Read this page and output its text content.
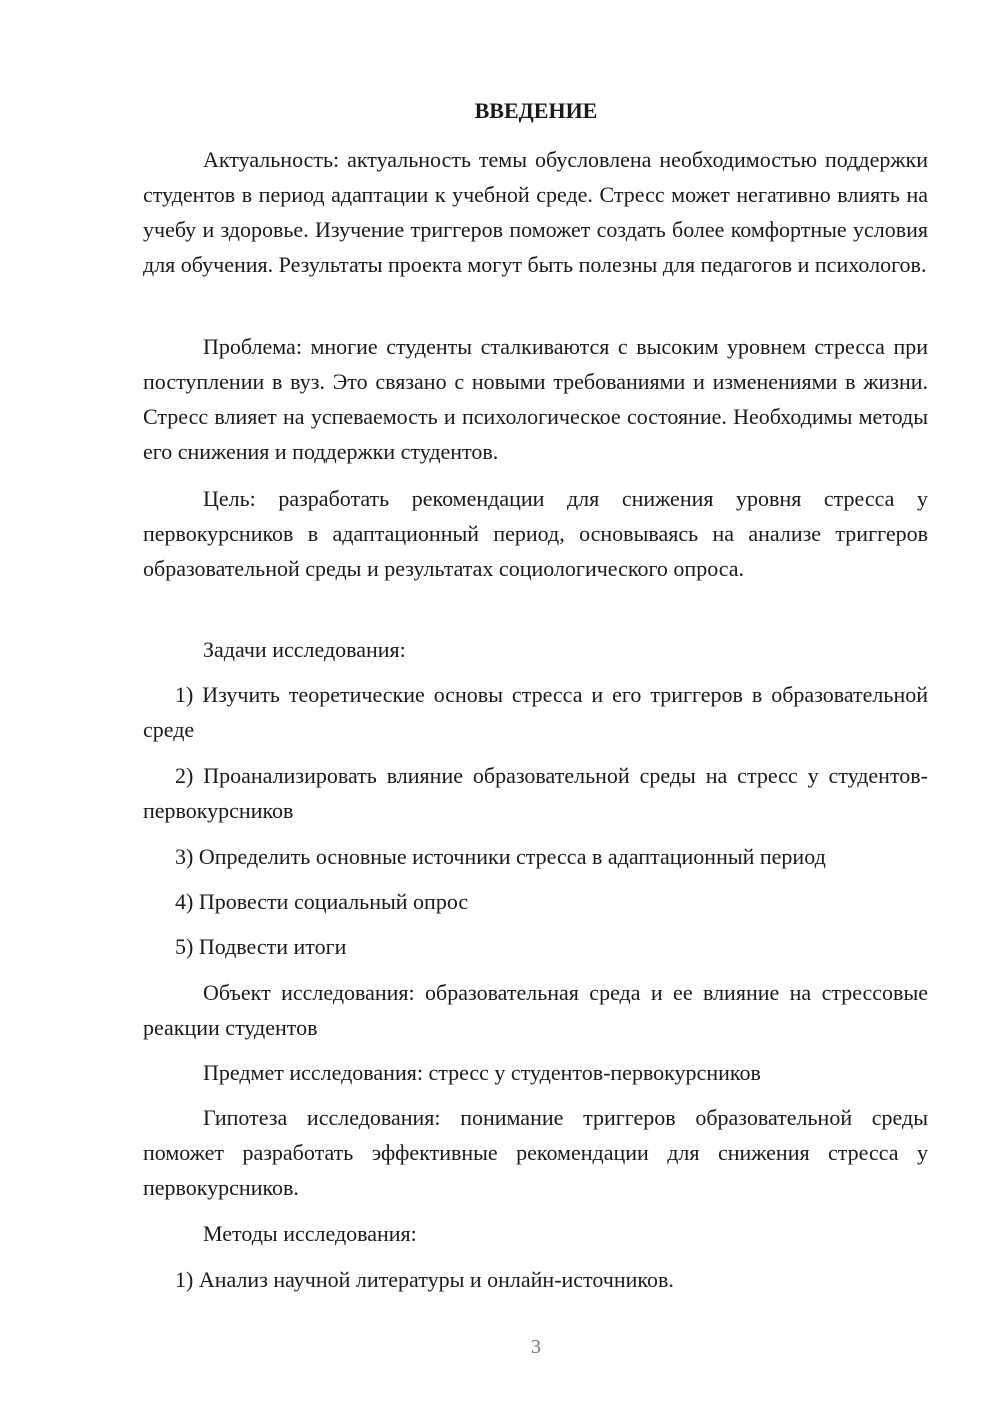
ВВЕДЕНИЕ

Актуальность: актуальность темы обусловлена необходимостью поддержки студентов в период адаптации к учебной среде. Стресс может негативно влиять на учебу и здоровье. Изучение триггеров поможет создать более комфортные условия для обучения. Результаты проекта могут быть полезны для педагогов и психологов.

Проблема: многие студенты сталкиваются с высоким уровнем стресса при поступлении в вуз. Это связано с новыми требованиями и изменениями в жизни. Стресс влияет на успеваемость и психологическое состояние. Необходимы методы его снижения и поддержки студентов.

Цель: разработать рекомендации для снижения уровня стресса у первокурсников в адаптационный период, основываясь на анализе триггеров образовательной среды и результатах социологического опроса.

Задачи исследования:

1) Изучить теоретические основы стресса и его триггеров в образовательной среде

2) Проанализировать влияние образовательной среды на стресс у студентов-первокурсников

3) Определить основные источники стресса в адаптационный период

4) Провести социальный опрос

5) Подвести итоги

Объект исследования: образовательная среда и ее влияние на стрессовые реакции студентов

Предмет исследования: стресс у студентов-первокурсников

Гипотеза исследования: понимание триггеров образовательной среды поможет разработать эффективные рекомендации для снижения стресса у первокурсников.

Методы исследования:

1) Анализ научной литературы и онлайн-источников.

3
